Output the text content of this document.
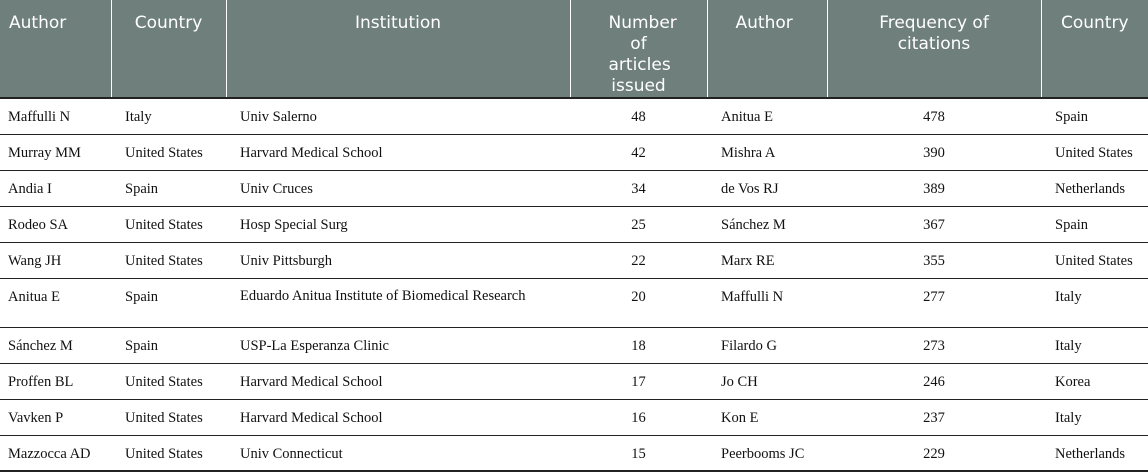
Author	Country	Institution	Number of articles issued	Author	Frequency of citations	Country
Maffulli N	Italy	Univ Salerno	48	Anitua E	478	Spain
Murray MM	United States	Harvard Medical School	42	Mishra A	390	United States
Andia I	Spain	Univ Cruces	34	de Vos RJ	389	Netherlands
Rodeo SA	United States	Hosp Special Surg	25	Sánchez M	367	Spain
Wang JH	United States	Univ Pittsburgh	22	Marx RE	355	United States
Anitua E	Spain	Eduardo Anitua Institute of Biomedical Research	20	Maffulli N	277	Italy
Sánchez M	Spain	USP-La Esperanza Clinic	18	Filardo G	273	Italy
Proffen BL	United States	Harvard Medical School	17	Jo CH	246	Korea
Vavken P	United States	Harvard Medical School	16	Kon E	237	Italy
Mazzocca AD	United States	Univ Connecticut	15	Peerbooms JC	229	Netherlands
